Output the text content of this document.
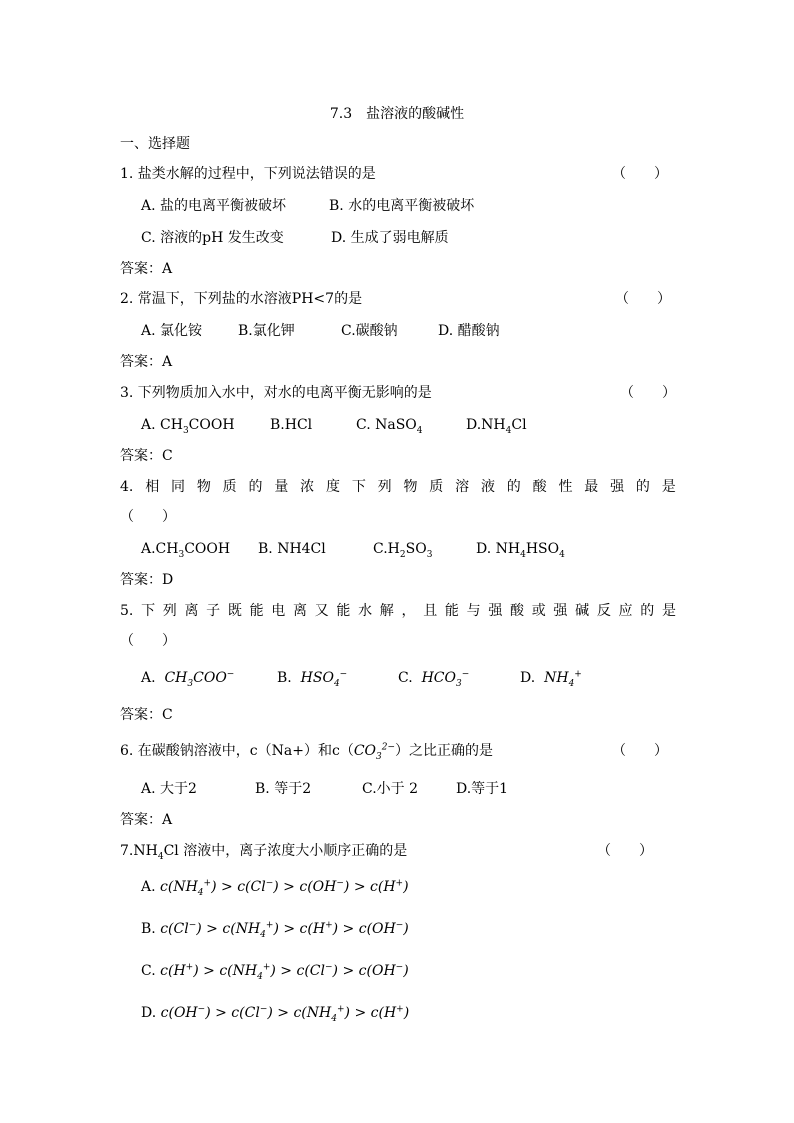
7.3　盐溶液的酸碱性
一、选择题
1. 盐类水解的过程中，下列说法错误的是	（　　）
A. 盐的电离平衡被破坏	B. 水的电离平衡被破坏
C. 溶液的pH 发生改变	D. 生成了弱电解质
答案：A
2. 常温下，下列盐的水溶液PH<7的是	（　　）
A. 氯化铵	B.氯化钾	C.碳酸钠	D. 醋酸钠
答案：A
3. 下列物质加入水中，对水的电离平衡无影响的是	（　　）
A. $CH_3COOH$	B.HCl	C. NaSO$_4$	$D.NH_4Cl$
答案：C
4. 相 同 物 质 的 量 浓 度 下 列 物 质 溶 液 的 酸 性 最 强 的 是
（　　）
$A.CH_3COOH$ B. NH4Cl	$C.H_2SO_3$	D. $NH_4HSO_4$
答案：D
5. 下 列 离 子 既 能 电 离 又 能 水 解 ， 且 能 与 强 酸 或 强 碱 反 应 的 是
（　　）
A. $CH_3COO^-$	B. $HSO_4^-$	C. $HCO_3^-$	D. $NH_4^+$
答案：C
6. 在碳酸钠溶液中，c（Na+）和$c(CO_3^{2-})$之比正确的是	（　　）
A. 大于2	B. 等于2	C.小于 2	D.等于1
答案：A
$7.NH_4Cl$ 溶液中，离子浓度大小顺序正确的是	（　　）
A. $c(NH_4^+) > c(Cl^-) > c(OH^-) > c(H^+)$
B. $c(Cl^-) > c(NH_4^+) > c(H^+) > c(OH^-)$
C. $c(H^+) > c(NH_4^+) > c(Cl^-) > c(OH^-)$
D. $c(OH^-) > c(Cl^-) > c(NH_4^+) > c(H^+)$
